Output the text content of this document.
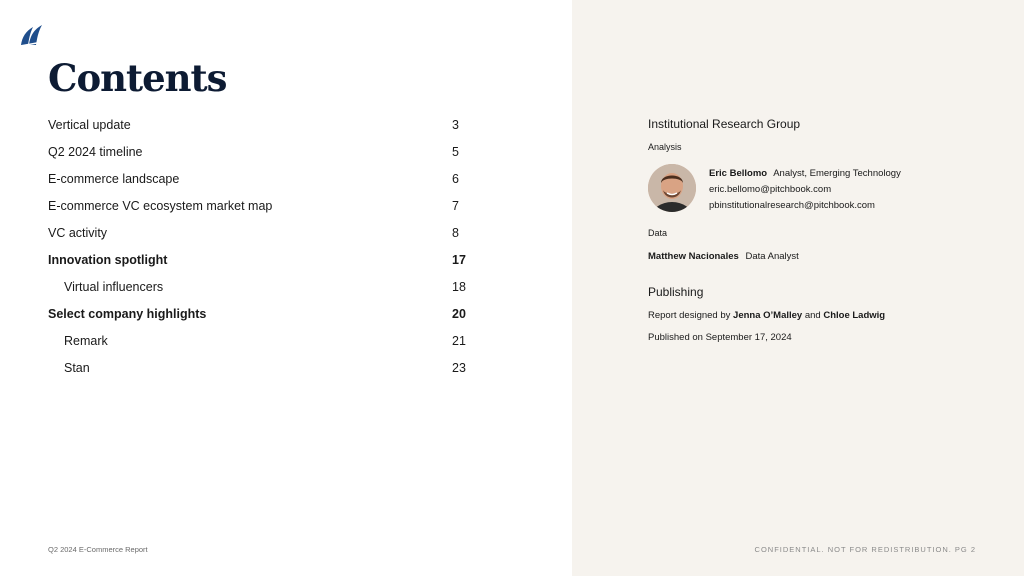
Contents
Vertical update	3
Q2 2024 timeline	5
E-commerce landscape	6
E-commerce VC ecosystem market map	7
VC activity	8
Innovation spotlight	17
Virtual influencers	18
Select company highlights	20
Remark	21
Stan	23
Q2 2024 E-Commerce Report	CONFIDENTIAL. NOT FOR REDISTRIBUTION. PG 2
Institutional Research Group
Analysis
Eric Bellomo Analyst, Emerging Technology
eric.bellomo@pitchbook.com
pbinstitutionalresearch@pitchbook.com
Data
Matthew Nacionales Data Analyst
Publishing
Report designed by Jenna O’Malley and Chloe Ladwig
Published on September 17, 2024
